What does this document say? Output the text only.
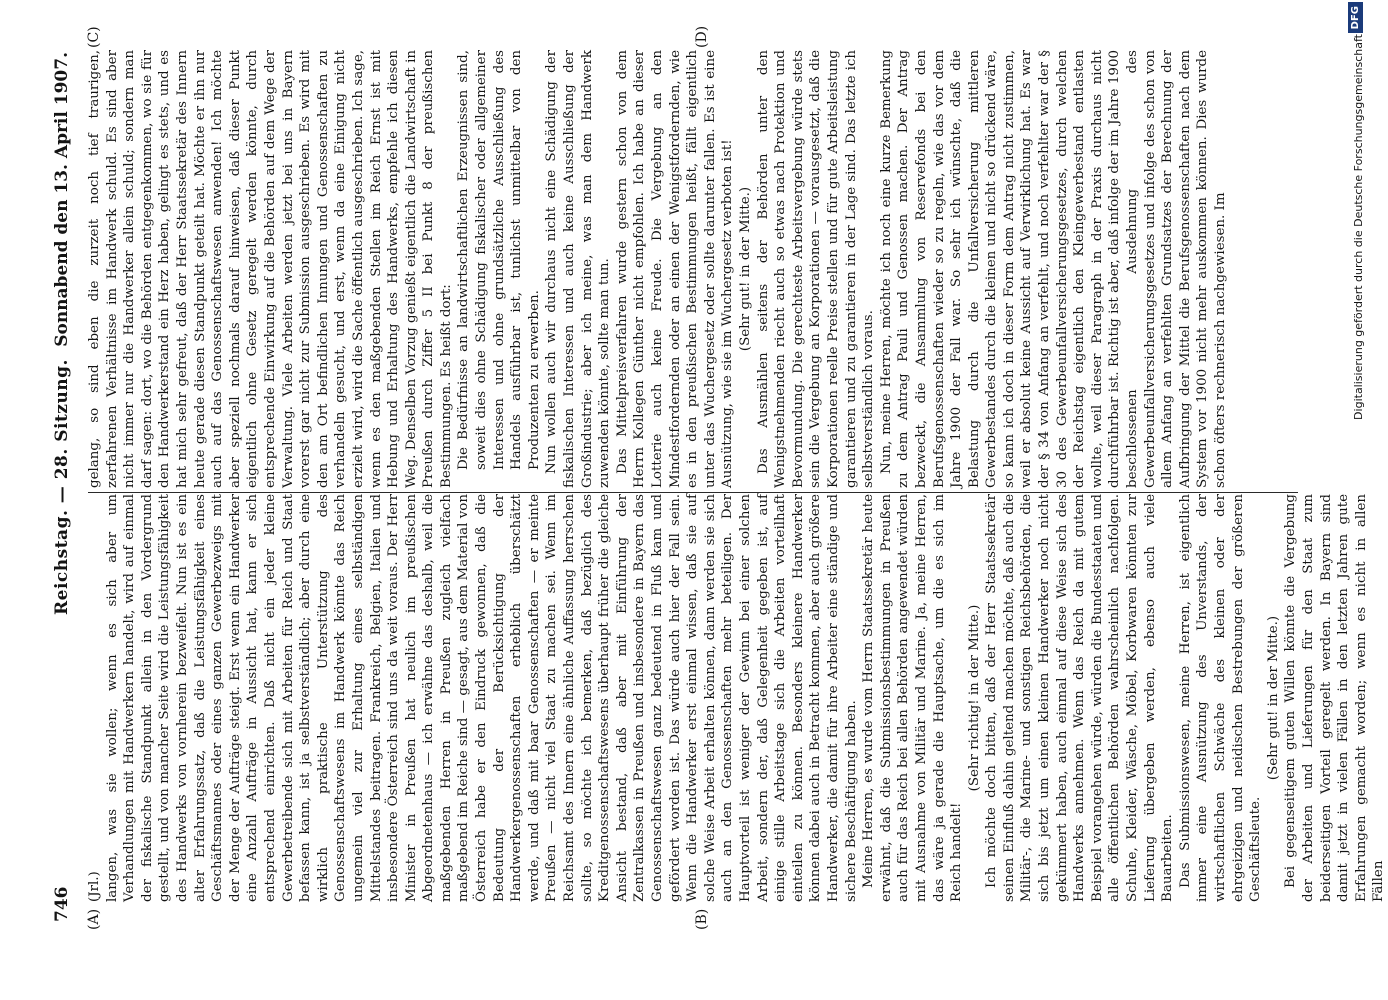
746
Reichstag. — 28. Sitzung.
Sonnabend den 13. April 1907.
(A)	(B)
(C)	(D)

(Jrl.) langen, was sie wollen; wenn es sich aber um Verhandlungen mit Handwerkern handelt, wird auf einmal der fiskalische Standpunkt allein in den Vordergrund gestellt, und von mancher Seite wird die Leistungsfähigkeit des Handwerks von vornherein bezweifelt. Nun ist es ein alter Erfahrungssatz, daß die Leistungsfähigkeit eines Geschäftsmannes oder eines ganzen Gewerbezweigs mit der Menge der Aufträge steigt. Erst wenn ein Handwerker eine Anzahl Aufträge in Aussicht hat, kann er sich entsprechend einrichten. Daß nicht ein jeder kleine Gewerbetreibende sich mit Arbeiten für Reich und Staat befassen kann, ist ja selbstverständlich; aber durch eine wirklich praktische Unterstützung des Genossenschaftswesens im Handwerk könnte das Reich ungemein viel zur Erhaltung eines selbständigen Mittelstandes beitragen. Frankreich, Belgien, Italien und insbesondere Österreich sind uns da weit voraus. Der Herr Minister in Preußen hat neulich im preußischen Abgeordnetenhaus — ich erwähne das deshalb, weil die maßgebenden Herren in Preußen zugleich vielfach maßgebend im Reiche sind — gesagt, aus dem Material von Österreich habe er den Eindruck gewonnen, daß die Bedeutung der Berücksichtigung der Handwerkergenossenschaften erheblich überschätzt werde, und daß mit baar Genossenschaften — er meinte Preußen — nicht viel Staat zu machen sei. Wenn im Reichsamt des Innern eine ähnliche Auffassung herrschen sollte, so möchte ich bemerken, daß bezüglich des Kreditgenossenschaftswesens überhaupt früher die gleiche Ansicht bestand, daß aber mit Einführung der Zentralkassen in Preußen und insbesondere in Bayern das Genossenschaftswesen ganz bedeutend in Fluß kam und gefördert worden ist. Das würde auch hier der Fall sein. Wenn die Handwerker erst einmal wissen, daß sie auf solche Weise Arbeit erhalten können, dann werden sie sich auch an den Genossenschaften mehr beteiligen. Der Hauptvorteil ist weniger der Gewinn bei einer solchen Arbeit, sondern der, daß Gelegenheit gegeben ist, auf einige stille Arbeitstage sich die Arbeiten vorteilhaft einteilen zu können. Besonders kleinere Handwerker können dabei auch in Betracht kommen, aber auch größere Handwerker, die damit für ihre Arbeiter eine ständige und sichere Beschäftigung haben. Meine Herren, es wurde vom Herrn Staatssekretär heute erwähnt, daß die Submissionsbestimmungen in Preußen auch für das Reich bei allen Behörden angewendet würden mit Ausnahme von Militär und Marine. Ja, meine Herren, das wäre ja gerade die Hauptsache, um die es sich im Reich handelt!

(Sehr richtig! in der Mitte.) Ich möchte doch bitten, daß der Herr Staatssekretär seinen Einfluß dahin geltend machen möchte, daß auch die Militär-, die Marine- und sonstigen Reichsbehörden, die sich bis jetzt um einen kleinen Handwerker noch nicht gekümmert haben, auch einmal auf diese Weise sich des Handwerks annehmen. Wenn das Reich da mit gutem Beispiel vorangehen würde, würden die Bundesstaaten und alle öffentlichen Behörden wahrscheinlich nachfolgen. Schuhe, Kleider, Wäsche, Möbel, Korbwaren könnten zur Lieferung übergeben werden, ebenso auch viele Bauarbeiten. Das Submissionswesen, meine Herren, ist eigentlich immer eine Ausnützung des Unverstands, der wirtschaftlichen Schwäche des kleinen oder der ehrgeizigen und neidischen Bestrebungen der größeren Geschäftsleute.

(Sehr gut! in der Mitte.) Bei gegenseitigem guten Willen könnte die Vergebung der Arbeiten und Lieferungen für den Staat zum beiderseitigen Vorteil geregelt werden. In Bayern sind damit jetzt in vielen Fällen in den letzten Jahren gute Erfahrungen gemacht worden; wenn es nicht in allen Fällen

gelang, so sind eben die zurzeit noch tief traurigen, zerfahrenen Verhältnisse im Handwerk schuld. Es sind aber nicht immer nur die Handwerker allein schuld; sondern man darf sagen: dort, wo die Behörden entgegenkommen, wo sie für den Handwerkerstand ein Herz haben, gelingt es stets, und es hat mich sehr gefreut, daß der Herr Staatssekretär des Innern heute gerade diesen Standpunkt geteilt hat. Möchte er ihn nur auch auf das Genossenschaftswesen anwenden! Ich möchte aber speziell nochmals darauf hinweisen, daß dieser Punkt eigentlich ohne Gesetz geregelt werden könnte, durch entsprechende Einwirkung auf die Behörden auf dem Wege der Verwaltung. Viele Arbeiten werden jetzt bei uns in Bayern vorerst gar nicht zur Submission ausgeschrieben. Es wird mit den am Ort befindlichen Innungen und Genossenschaften zu verhandeln gesucht, und erst, wenn da eine Einigung nicht erzielt wird, wird die Sache öffentlich ausgeschrieben. Ich sage, wenn es den maßgebenden Stellen im Reich Ernst ist mit Hebung und Erhaltung des Handwerks, empfehle ich diesen Weg. Denselben Vorzug genießt eigentlich die Landwirtschaft in Preußen durch Ziffer 5 II bei Punkt 8 der preußischen Bestimmungen. Es heißt dort: Die Bedürfnisse an landwirtschaftlichen Erzeugnissen sind, soweit dies ohne Schädigung fiskalischer oder allgemeiner Interessen und ohne grundsätzliche Ausschließung des Handels ausführbar ist, tunlichst unmittelbar von den Produzenten zu erwerben. Nun wollen auch wir durchaus nicht eine Schädigung der fiskalischen Interessen und auch keine Ausschließung der Großindustrie; aber ich meine, was man dem Handwerk zuwenden könnte, sollte man tun. Das Mittelpreisverfahren wurde gestern schon von dem Herrn Kollegen Günther nicht empfohlen. Ich habe an dieser Lotterie auch keine Freude. Die Vergebung an den Mindestfordernden oder an einen der Wenigstfordernden, wie es in den preußischen Bestimmungen heißt, fällt eigentlich unter das Wuchergesetz oder sollte darunter fallen. Es ist eine Ausnützung, wie sie im Wuchergesetz verboten ist! (Sehr gut! in der Mitte.) Das Ausmählen seitens der Behörden unter den Wenigstnehmenden riecht auch so etwas nach Protektion und Bevormundung. Die gerechteste Arbeitsvergebung würde stets sein die Vergebung an Korporationen — vorausgesetzt, daß die Korporationen reelle Preise stellen und für gute Arbeitsleistung garantieren und zu garantieren in der Lage sind. Das letzte ich selbstverständlich voraus. Nun, meine Herren, möchte ich noch eine kurze Bemerkung zu dem Antrag Pauli und Genossen machen. Der Antrag bezweckt, die Ansammlung von Reservefonds bei den Berufsgenossenschaften wieder so zu regeln, wie das vor dem Jahre 1900 der Fall war. So sehr ich wünschte, daß die Belastung durch die Unfallversicherung mittleren Gewerbestandes durch die kleinen und nicht so drückend wäre, so kann ich doch in dieser Form dem Antrag nicht zustimmen, weil er absolut keine Aussicht auf Verwirklichung hat. Es war der § 34 von Anfang an verfehlt, und noch verfehlter war der § 30 des Gewerbeunfallversicherungsgesetzes, durch welchen der Reichstag eigentlich den Kleingewerbestand entlasten wollte, weil dieser Paragraph in der Praxis durchaus nicht durchführbar ist. Richtig ist aber, daß infolge der im Jahre 1900 beschlossenen Ausdehnung des Gewerbeunfallversicherungsgesetzes und infolge des schon von allem Anfang an verfehlten Grundsatzes der Berechnung der Aufbringung der Mittel die Berufsgenossenschaften nach dem System vor 1900 nicht mehr auskommen können. Dies wurde schon öfters rechnerisch nachgewiesen. Im	Digitalisierung gefördert durch die Deutsche Forschungsgemeinschaft
DFG
